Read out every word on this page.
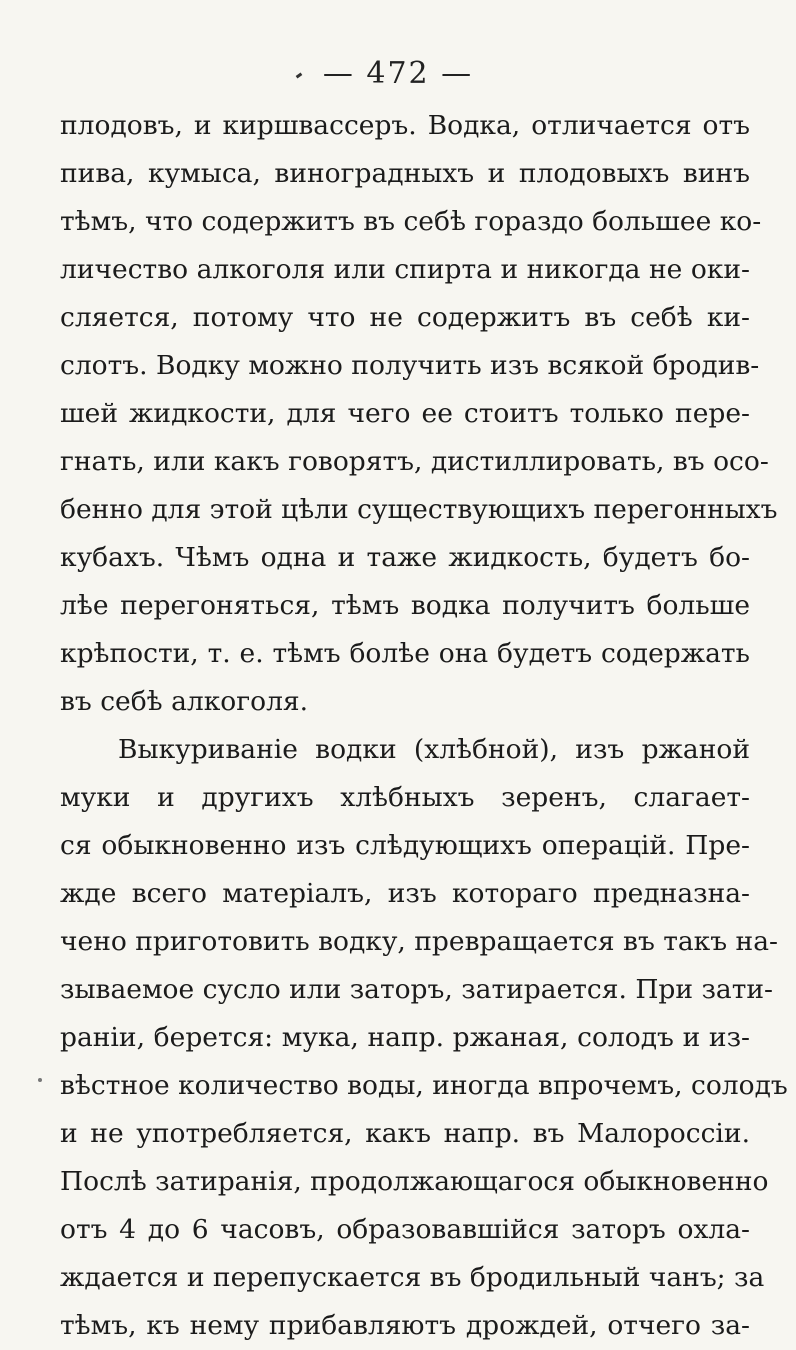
— 472 —
плодовъ, и киршвассеръ. Водка, отличается отъ
пива, кумыса, виноградныхъ и плодовыхъ винъ
тѣмъ, что содержитъ въ себѣ гораздо большее ко-
личество алкоголя или спирта и никогда не оки-
сляется, потому что не содержитъ въ себѣ ки-
слотъ. Водку можно получить изъ всякой бродив-
шей жидкости, для чего ее стоитъ только пере-
гнать, или какъ говорятъ, дистиллировать, въ осо-
бенно для этой цѣли существующихъ перегонныхъ
кубахъ. Чѣмъ одна и таже жидкость, будетъ бо-
лѣе перегоняться, тѣмъ водка получитъ больше
крѣпости, т. е. тѣмъ болѣе она будетъ содержать
въ себѣ алкоголя.
Выкуриваніе водки (хлѣбной), изъ ржаной
муки и другихъ хлѣбныхъ зеренъ, слагает-
ся обыкновенно изъ слѣдующихъ операцій. Пре-
жде всего матеріалъ, изъ котораго предназна-
чено приготовить водку, превращается въ такъ на-
зываемое сусло или заторъ, затирается. При зати-
раніи, берется: мука, напр. ржаная, солодъ и из-
вѣстное количество воды, иногда впрочемъ, солодъ
и не употребляется, какъ напр. въ Малороссіи.
Послѣ затиранія, продолжающагося обыкновенно
отъ 4 до 6 часовъ, образовавшійся заторъ охла-
ждается и перепускается въ бродильный чанъ; за
тѣмъ, къ нему прибавляютъ дрождей, отчего за-
